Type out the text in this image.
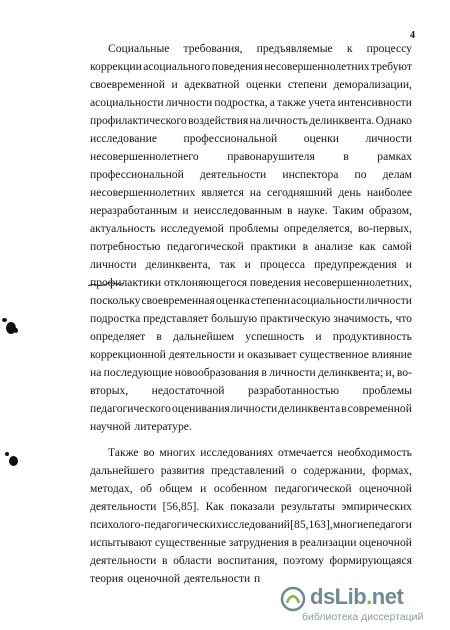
4
Социальные требования, предъявляемые к процессу
коррекции асоциального поведения несовершеннолетних требуют
своевременной и адекватной оценки степени деморализации,
асоциальности личности подростка, а также учета интенсивности
профилактического воздействия на личность делинквента. Однако
исследование профессиональной оценки личности
несовершеннолетнего правонарушителя в рамках
профессиональной деятельности инспектора по делам
несовершеннолетних является на сегодняшний день наиболее
неразработанным и неисследованным в науке. Таким образом,
актуальность исследуемой проблемы определяется, во-первых,
потребностью педагогической практики в анализе как самой
личности делинквента, так и процесса предупреждения и
профилактики отклоняющегося поведения несовершеннолетних,
поскольку своевременная оценка степени асоциальности личности
подростка представляет большую практическую значимость, что
определяет в дальнейшем успешность и продуктивность
коррекционной деятельности и оказывает существенное влияние
на последующие новообразования в личности делинквента; и, во-
вторых, недостаточной разработанностью проблемы
педагогического оценивания личности делинквента в современной
научной литературе.
Также во многих исследованиях отмечается необходимость
дальнейшего развития представлений о содержании, формах,
методах, об общем и особенном педагогической оценочной
деятельности [56,85]. Как показали результаты эмпирических
психолого-педагогических исследований [85,163], многие педагоги
испытывают существенные затруднения в реализации оценочной
деятельности в области воспитания, поэтому формирующаяся
теория оценочной деятельности п
dsLib.net
библиотека диссертаций
